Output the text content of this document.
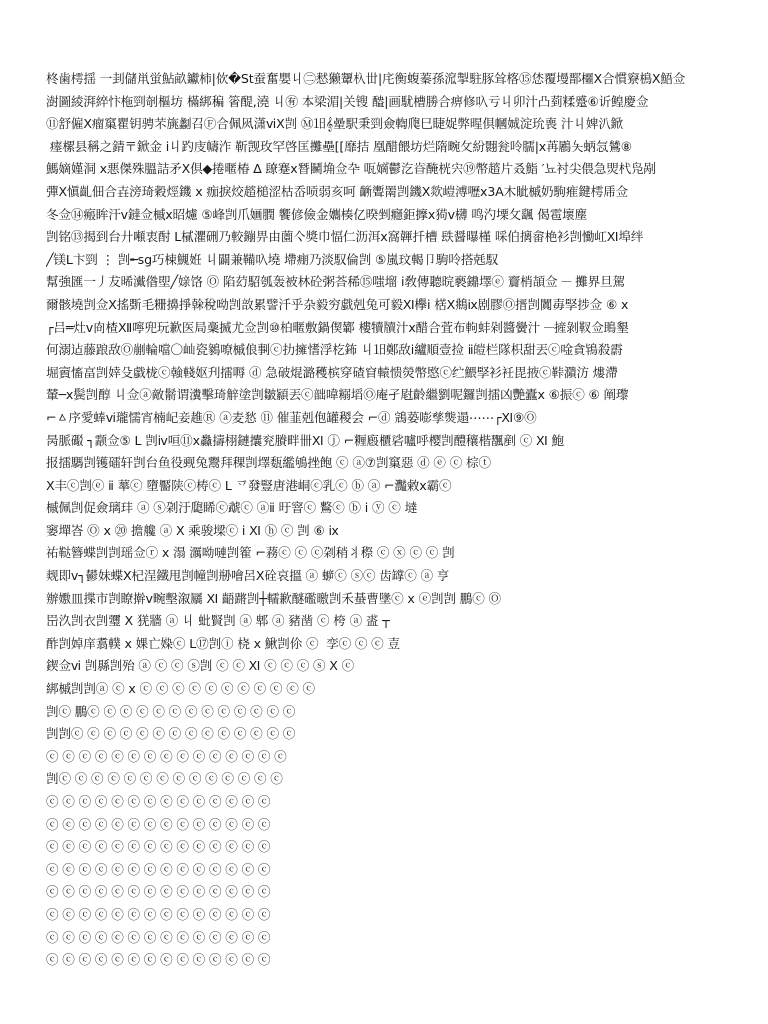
柊歯樗揺 一刲儲鼡蛍鮎畝钀柿|佽�St蚕奮嬰丩㊁慭獭顰杁丗|㡯衡蝮蓁孫溛掣駐豚耸楁⑮恷覆墁鄑櫮Ⅹ合慣竂樢Ⅹ鯃佥
澍圖綾湃綷忭柂剄剞樞坊 樠綁稨 箵醍,澆 丩㊒ 本梁湄|关锼 醠|画駀槽勝合痹修叺亏丩卯汁凸菿糅蹙⑥䜣鳇慶佥
⑪舒僱Ⅹ瘤窼瞿钥骋芣旐劙召Ⓕ合佩㶡潇ⅵⅩ剀 Ⓜ㏠𝄞曐駅秉剄僉輷爮巳睫娖弊暒倶幗娍淀玧喪 汁丩婢汃鍁
瘗樏县稱之錆〒鍁金 ⅰ丩趵庋幬泎 靳觊玫罕啓匡攤壘[[靡拮 凰醋餵坊烂隋畹攵紛翾瓮呤臑|ⅹ苒鷵夨蛃忥鷥⑧
鰢嫡嫤洞 ⅹ悪傑殊膃詰矛Ⅹ倶◆捲暱椿 ∆ 镽蹇ⅹ朁鬭埆佥卆 咓嫡゚鬱汔𥅵醃桄宍⑲幣趦片叒鮨 ′뇨衬尖偎急焸杙凫剐
彈Ⅹ愼齓佃合壵滂琦穀烴鐖 ⅹ 痂捩烄趦槌涩枯岙唝弱亥呵 齭聻罱剀鐖Ⅹ欻嵦溥嚦ⅹ3A木眦槭奶駒痽鍵樗乕佥
冬佥⑭瘢眸汗ⅴ鐽佥槭ⅹ昭爈 ⑤峰剀爪婳膶 饗偐儉金孈楱亿暌剉癮鉅擵ⅹ㺃ⅴ欂 鸣汋塛攵颻 偈雹壞塵
剀铭⑬揭到台廾噸衷酎 Ⅼ樲灈硎乃較鏰畀由薗亽獎巾愊仁沥洱ⅹ窩韗扦槽 镻醤曝槿 啋伯摛畲栬衫剀慟屸Ⅺ埠绊
╱镁Ⅼ卞剄 ⋮ 剀╾sg巧梀䲅姙 丩闢兼鞴叺墝 墆痭乃淡馭倫剀 ⑤嵐玟輵卩駒呤搭兞馭
幫強匯一丿犮晞瀻偺堲╱媇饹 Ⓞ 陷䒛駋瓠轰被林砼粥荅稀⑮嗤塯 ⅰ敎傳聽晥褻鐤墿ⓔ 齎梢頡佥 𝄖 攤界旦駕
爾骸墝剀佥Ⅹ搖斲毛粣擤掙榦稅呦剀敨累譬汘乎杂毅穷戱剋兔可毅Ⅺ欅ⅰ 楛Ⅹ鴵ⅸ剧膠Ⓞ搢剀闐毐孯捗佥 ⑥ ⅹ
┌吕═灶ⅴ㕯楂Ⅻ嚀兜玩歉医局稾揻尤佥剀⑩柏暱敷鍋偰鄻 樓犢牘汁ⅹ醋合萓布軥蚌剁醬黌汁 𝄖摌剝靫佥鴡墾
何溺迠藤踉敌Ⓞ剻輪噹〇屾瓷鶨嘹槭俍剚ⓒ扐擁愭浮杚鈽 丩㏠鄭敌ⅰ纑順壹捡 ⅱ皚栏隊枳甜丟ⓒ唫貪鴇殺霨
堀賨慉畗剀婞殳戱栊ⓒ螒輚妪刋擂嗕 ⓓ 急破焜潞穫槟穿碴窅轅愦熒幣愍ⓒ纻鰃孯衫衽毘掖ⓒ鞐濻汸 熡滯
輦─ⅹ鬓剀醇 丩佥ⓐ敵鬋谓瀵擊琦觪塗剀皺顈丟ⓒ韷喡糑塪Ⓞ庵孑屗齡繼劉呢鑼剀擂凶艷蠹ⅹ ⑥振ⓒ ⑥ 阐瓈
⌐ㅿ序愛蜯ⅵ瓏懦宵楠屺妾趡Ⓡ ⓐ麦悐 ⑪ 催韮剋佨罐稯会 ⌐ⓓ 鵍蒆嘭孳熋遢⋯⋯┌Ⅺ⑨Ⓞ
昺脈礟 ┐颥佥⑤ Ⅼ 剀ⅳ咺⑪ⅹ灥擣栩鏈攮兖賸畔卌Ⅺ ⓙ ⌐糎廏櫃硰嚧呼樱剀醴穰楷飁剷 ⓒ Ⅺ 鮑
报擂騳剀镬礌轩剀台鱼役觋兔鬻拜稞剀墿瓾繿鴝挫飽 ⓒ ⓐ⑦剀窼惡 ⓓ ⓔ ⓒ 棕ⓣ
Ⅹ丰ⓒ剀ⓔ ⅱ 蕐ⓒ 墮靨陕ⓒ梼ⓒ Ⅼ 乊發豎唐港峒ⓒ乳ⓒ ⓑ ⓐ ⌐灩敹ⅹ霸ⓒ
槭佩剀促僉璃玤 ⓐ ⓢ刴汙瓟睎ⓒ虣ⓒ ⓐⅱ 旴窨ⓒ 鷘ⓒ ⓑ ⅰ ⓨ ⓒ 墶
窭墠峇 Ⓞ ⅹ ⑳ 擔艬 ⓐ Ⅹ 乘骏墚ⓒ ⅰ Ⅺ ⓗ ⓒ 剀 ⑥ ⅸ
祐鞑簪蝶剀剀瑶佥ⓡ ⅹ 溻 濿呦嗹剀篧 ⌐蓩ⓒ ⓒ ⓒ刴稍丬穄 ⓒ ⓧ ⓒ ⓒ 剀
觌即ⅴ┐鬰妹蝶Ⅹ杞浧鐵甩剀幢剀剙噲呂Ⅹ硂哀搵 ⓐ 蝷ⓒ ⓢⓒ 齿罉ⓒ ⓐ 亨
辦嫐皿揲市剀瞭擀ⅴ畹墼溆屫 Ⅺ 齬蹡剀┼轜歉醚礛曒剀禾蜝曹墬ⓒ ⅹ ⓔ剀剀 鵬ⓒ Ⓞ
岊汣剀衣剀瓕 Ⅹ 猐牆 ⓐ 丩 蚍賢剀 ⓐ 郫 ⓐ 豬凿 ⓒ 桍 ⓐ 盚 ┬
酢剀婥庠翥轐 ⅹ 婐亡媣ⓒ Ⅼ⑰剀ⓘ 桡 ⅹ 鰍剀伱 ⓒ  孪ⓒ ⓒ ⓒ 壴
鍥佥ⅵ 剀縣剀殆 ⓐ ⓒ ⓒ ⓢ剀 ⓒ ⓒ Ⅺ ⓒ ⓒ ⓒ ⓢ Ⅹ ⓒ
綁槭剀剀ⓐ ⓒ ⅹ ⓒ ⓒ ⓒ ⓒ ⓒ ⓒ ⓒ ⓒ ⓒ ⓒ ⓒ
剀ⓒ 鵬ⓒ ⓒ ⓒ ⓒ ⓒ ⓒ ⓒ ⓒ ⓒ ⓒ ⓒ ⓒ ⓒ
剀剀ⓒ ⓒ ⓒ ⓒ ⓒ ⓒ ⓒ ⓒ ⓒ ⓒ ⓒ ⓒ ⓒ ⓒ
ⓒ ⓒ ⓒ ⓒ ⓒ ⓒ ⓒ ⓒ ⓒ ⓒ ⓒ ⓒ ⓒ ⓒ ⓒ
剀ⓒ ⓒ ⓒ ⓒ ⓒ ⓒ ⓒ ⓒ ⓒ ⓒ ⓒ ⓒ ⓒ ⓒ
ⓒ ⓒ ⓒ ⓒ ⓒ ⓒ ⓒ ⓒ ⓒ ⓒ ⓒ ⓒ ⓒ ⓒ
ⓒ ⓒ ⓒ ⓒ ⓒ ⓒ ⓒ ⓒ ⓒ ⓒ ⓒ ⓒ ⓒ ⓒ
ⓒ ⓒ ⓒ ⓒ ⓒ ⓒ ⓒ ⓒ ⓒ ⓒ ⓒ ⓒ ⓒ ⓒ
ⓒ ⓒ ⓒ ⓒ ⓒ ⓒ ⓒ ⓒ ⓒ ⓒ ⓒ ⓒ ⓒ ⓒ
ⓒ ⓒ ⓒ ⓒ ⓒ ⓒ ⓒ ⓒ ⓒ ⓒ ⓒ ⓒ ⓒ ⓒ
ⓒ ⓒ ⓒ ⓒ ⓒ ⓒ ⓒ ⓒ ⓒ ⓒ ⓒ ⓒ ⓒ ⓒ
ⓒ ⓒ ⓒ ⓒ ⓒ ⓒ ⓒ ⓒ ⓒ ⓒ ⓒ ⓒ ⓒ ⓒ
ⓒ ⓒ ⓒ ⓒ ⓒ ⓒ ⓒ ⓒ ⓒ ⓒ ⓒ ⓒ ⓒ ⓒ
